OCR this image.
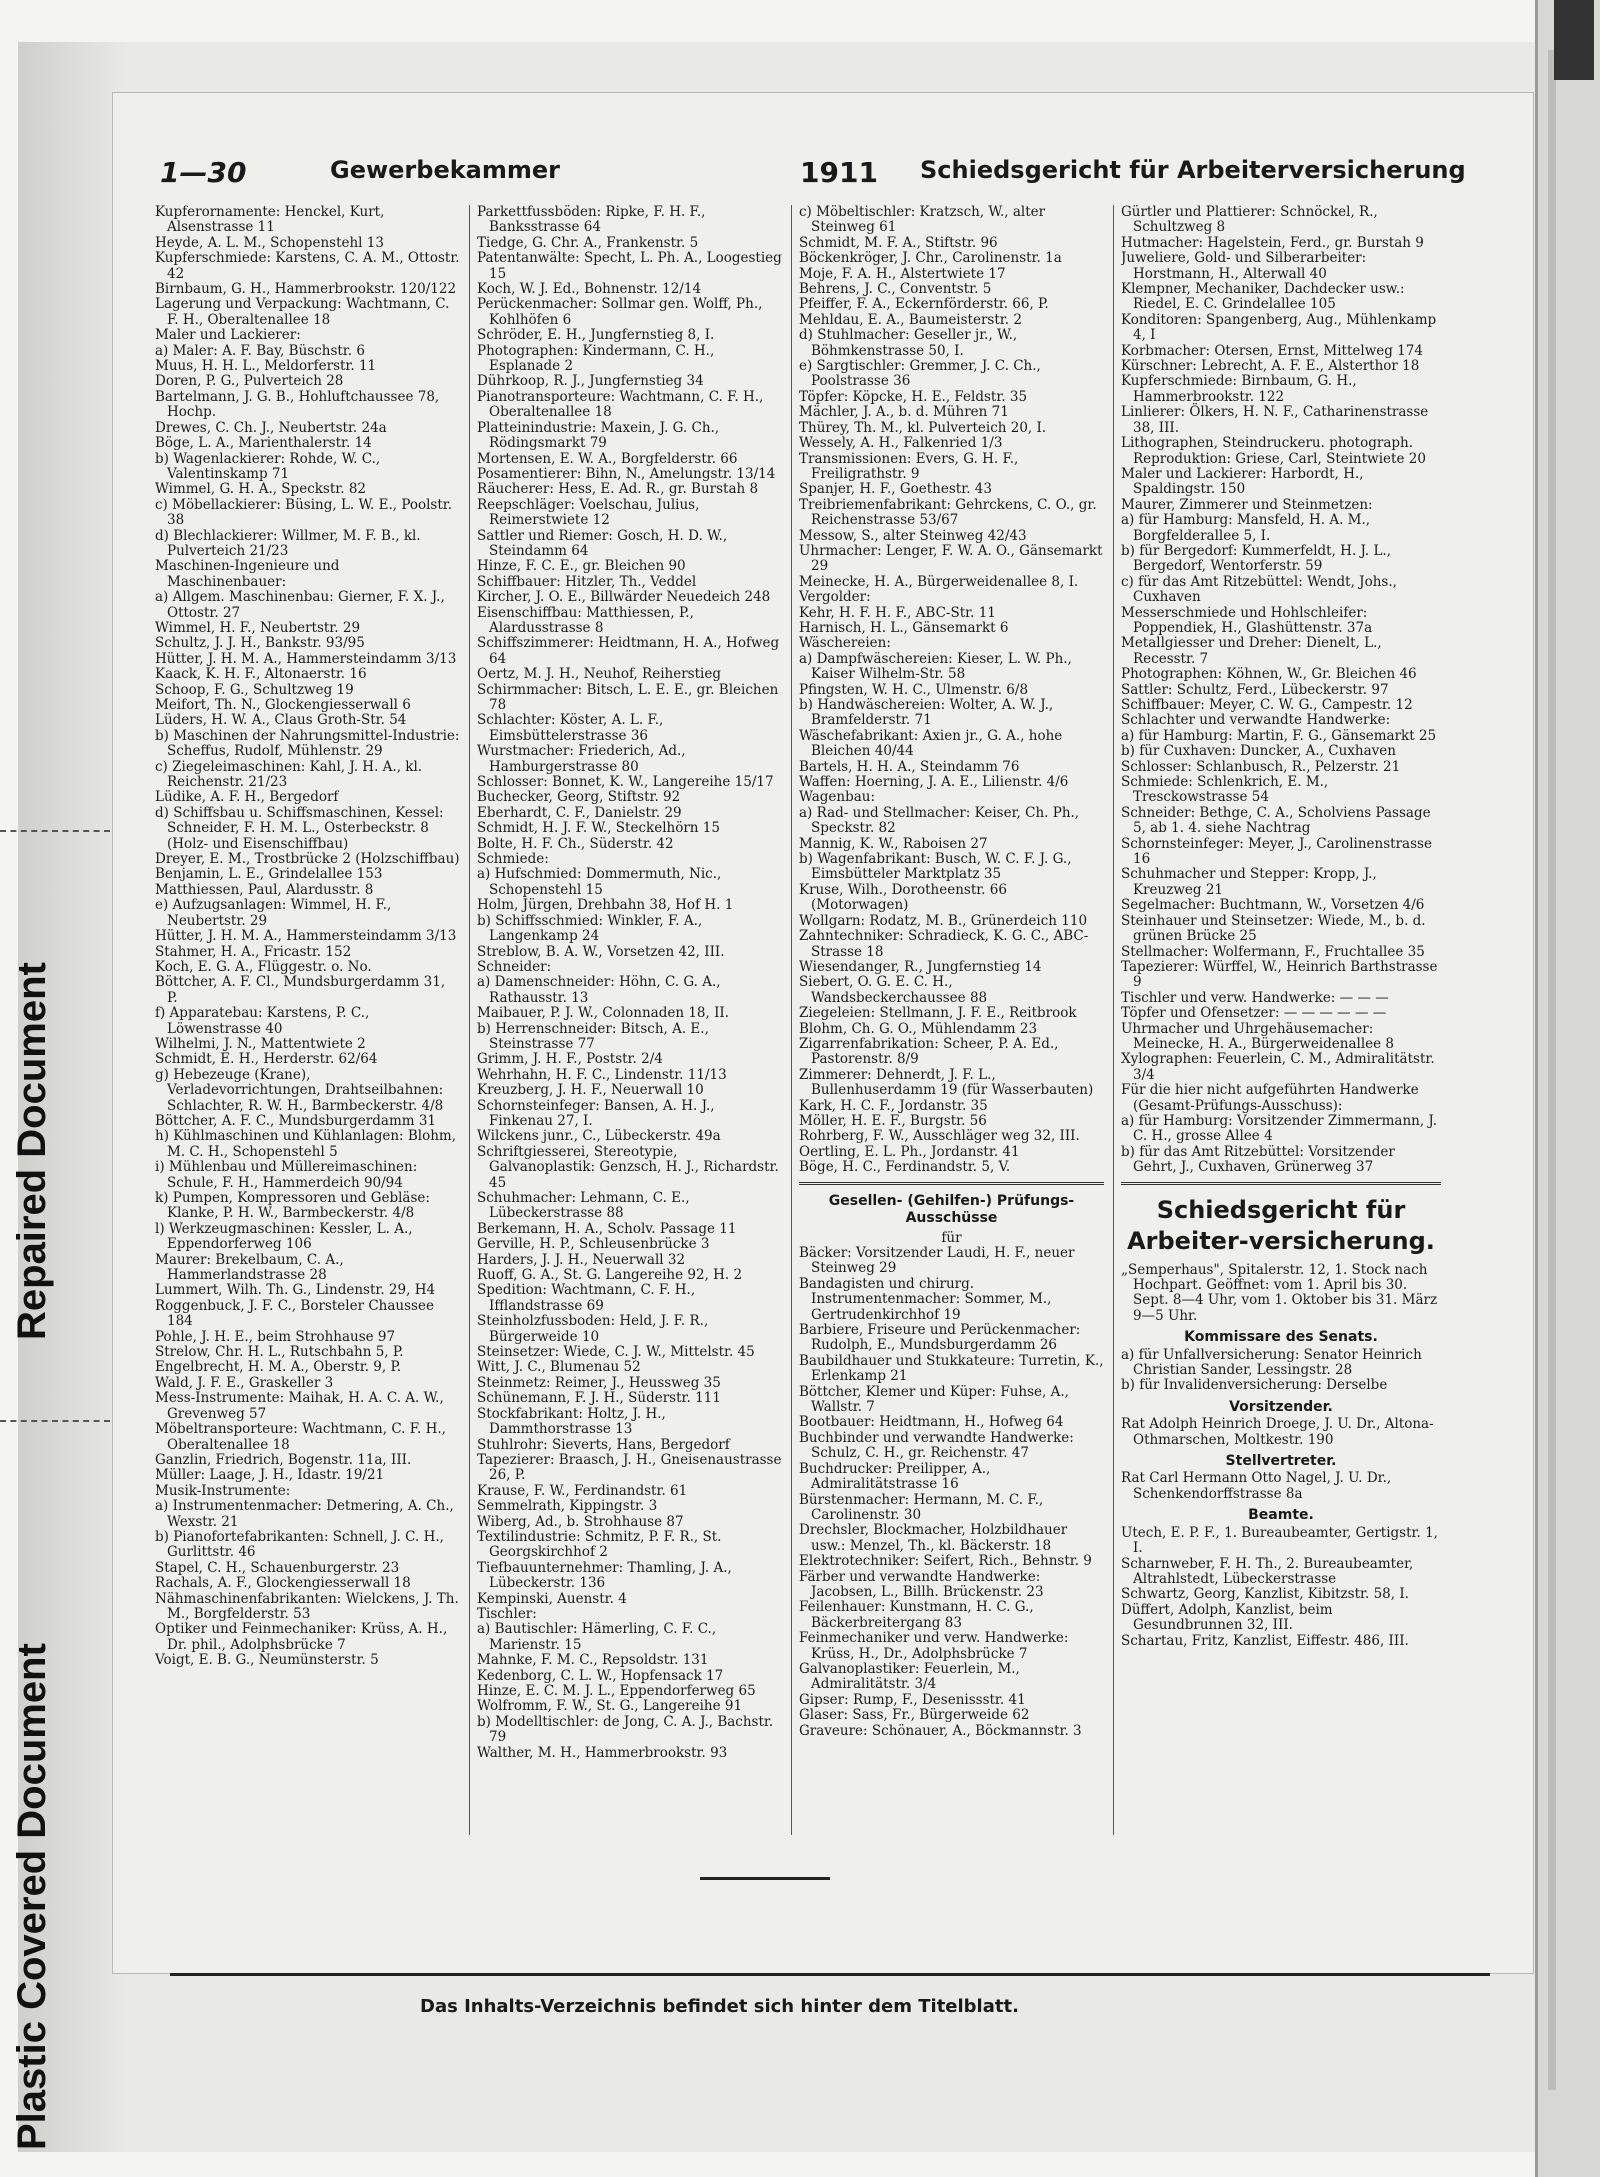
Repaired Document
Plastic Covered Document
1—30	Gewerbekammer	1911 Schiedsgericht für Arbeiterversicherung

Kupferornamente: Henckel, Kurt, Alsenstrasse 11

Heyde, A. L. M., Schopenstehl 13

Kupferschmiede: Karstens, C. A. M., Ottostr. 42

Birnbaum, G. H., Hammerbrookstr. 120/122

Lagerung und Verpackung: Wachtmann, C. F. H., Oberaltenallee 18

Maler und Lackierer:

a) Maler: A. F. Bay, Büschstr. 6

Muus, H. H. L., Meldorferstr. 11

Doren, P. G., Pulverteich 28

Bartelmann, J. G. B., Hohluftchaussee 78, Hochp.

Drewes, C. Ch. J., Neubertstr. 24a

Böge, L. A., Marienthalerstr. 14

b) Wagenlackierer: Rohde, W. C., Valentinskamp 71

Wimmel, G. H. A., Speckstr. 82

c) Möbellackierer: Büsing, L. W. E., Poolstr. 38

d) Blechlackierer: Willmer, M. F. B., kl. Pulverteich 21/23

Maschinen-Ingenieure und Maschinenbauer:

a) Allgem. Maschinenbau: Gierner, F. X. J., Ottostr. 27

Wimmel, H. F., Neubertstr. 29

Schultz, J. J. H., Bankstr. 93/95

Hütter, J. H. M. A., Hammersteindamm 3/13

Kaack, K. H. F., Altonaerstr. 16

Schoop, F. G., Schultzweg 19

Meifort, Th. N., Glockengiesserwall 6

Lüders, H. W. A., Claus Groth-Str. 54

b) Maschinen der Nahrungsmittel-Industrie: Scheffus, Rudolf, Mühlenstr. 29

c) Ziegeleimaschinen: Kahl, J. H. A., kl. Reichenstr. 21/23

Lüdike, A. F. H., Bergedorf

d) Schiffsbau u. Schiffsmaschinen, Kessel: Schneider, F. H. M. L., Osterbeckstr. 8 (Holz- und Eisenschiffbau)

Dreyer, E. M., Trostbrücke 2 (Holzschiffbau)

Benjamin, L. E., Grindelallee 153

Matthiessen, Paul, Alardusstr. 8

e) Aufzugsanlagen: Wimmel, H. F., Neubertstr. 29

Hütter, J. H. M. A., Hammersteindamm 3/13

Stahmer, H. A., Fricastr. 152

Koch, E. G. A., Flüggestr. o. No.

Böttcher, A. F. Cl., Mundsburgerdamm 31, P.

f) Apparatebau: Karstens, P. C., Löwenstrasse 40

Wilhelmi, J. N., Mattentwiete 2

Schmidt, E. H., Herderstr. 62/64

g) Hebezeuge (Krane), Verladevorrichtungen, Drahtseilbahnen: Schlachter, R. W. H., Barmbeckerstr. 4/8

Böttcher, A. F. C., Mundsburgerdamm 31

h) Kühlmaschinen und Kühlanlagen: Blohm, M. C. H., Schopenstehl 5

i) Mühlenbau und Müllereimaschinen: Schule, F. H., Hammerdeich 90/94

k) Pumpen, Kompressoren und Gebläse: Klanke, P. H. W., Barmbeckerstr. 4/8

l) Werkzeugmaschinen: Kessler, L. A., Eppendorferweg 106

Maurer: Brekelbaum, C. A., Hammerlandstrasse 28

Lummert, Wilh. Th. G., Lindenstr. 29, H4

Roggenbuck, J. F. C., Borsteler Chaussee 184

Pohle, J. H. E., beim Strohhause 97

Strelow, Chr. H. L., Rutschbahn 5, P.

Engelbrecht, H. M. A., Oberstr. 9, P.

Wald, J. F. E., Graskeller 3

Mess-Instrumente: Maihak, H. A. C. A. W., Grevenweg 57

Möbeltransporteure: Wachtmann, C. F. H., Oberaltenallee 18

Ganzlin, Friedrich, Bogenstr. 11a, III.

Müller: Laage, J. H., Idastr. 19/21

Musik-Instrumente:

a) Instrumentenmacher: Detmering, A. Ch., Wexstr. 21

b) Pianofortefabrikanten: Schnell, J. C. H., Gurlittstr. 46

Stapel, C. H., Schauenburgerstr. 23

Rachals, A. F., Glockengiesserwall 18

Nähmaschinenfabrikanten: Wielckens, J. Th. M., Borgfelderstr. 53

Optiker und Feinmechaniker: Krüss, A. H., Dr. phil., Adolphsbrücke 7

Voigt, E. B. G., Neumünsterstr. 5

Parkettfussböden: Ripke, F. H. F., Banksstrasse 64

Tiedge, G. Chr. A., Frankenstr. 5

Patentanwälte: Specht, L. Ph. A., Loogestieg 15

Koch, W. J. Ed., Bohnenstr. 12/14

Perückenmacher: Sollmar gen. Wolff, Ph., Kohlhöfen 6

Schröder, E. H., Jungfernstieg 8, I.

Photographen: Kindermann, C. H., Esplanade 2

Dührkoop, R. J., Jungfernstieg 34

Pianotransporteure: Wachtmann, C. F. H., Oberaltenallee 18

Platteinindustrie: Maxein, J. G. Ch., Rödingsmarkt 79

Mortensen, E. W. A., Borgfelderstr. 66

Posamentierer: Bihn, N., Amelungstr. 13/14

Räucherer: Hess, E. Ad. R., gr. Burstah 8

Reepschläger: Voelschau, Julius, Reimerstwiete 12

Sattler und Riemer: Gosch, H. D. W., Steindamm 64

Hinze, F. C. E., gr. Bleichen 90

Schiffbauer: Hitzler, Th., Veddel

Kircher, J. O. E., Billwärder Neuedeich 248

Eisenschiffbau: Matthiessen, P., Alardusstrasse 8

Schiffszimmerer: Heidtmann, H. A., Hofweg 64

Oertz, M. J. H., Neuhof, Reiherstieg

Schirmmacher: Bitsch, L. E. E., gr. Bleichen 78

Schlachter: Köster, A. L. F., Eimsbüttelerstrasse 36

Wurstmacher: Friederich, Ad., Hamburgerstrasse 80

Schlosser: Bonnet, K. W., Langereihe 15/17

Buchecker, Georg, Stiftstr. 92

Eberhardt, C. F., Danielstr. 29

Schmidt, H. J. F. W., Steckelhörn 15

Bolte, H. F. Ch., Süderstr. 42

Schmiede:

a) Hufschmied: Dommermuth, Nic., Schopenstehl 15

Holm, Jürgen, Drehbahn 38, Hof H. 1

b) Schiffsschmied: Winkler, F. A., Langenkamp 24

Streblow, B. A. W., Vorsetzen 42, III.

Schneider:

a) Damenschneider: Höhn, C. G. A., Rathausstr. 13

Maibauer, P. J. W., Colonnaden 18, II.

b) Herrenschneider: Bitsch, A. E., Steinstrasse 77

Grimm, J. H. F., Poststr. 2/4

Wehrhahn, H. F. C., Lindenstr. 11/13

Kreuzberg, J. H. F., Neuerwall 10

Schornsteinfeger: Bansen, A. H. J., Finkenau 27, I.

Wilckens junr., C., Lübeckerstr. 49a

Schriftgiesserei, Stereotypie, Galvanoplastik: Genzsch, H. J., Richardstr. 45

Schuhmacher: Lehmann, C. E., Lübeckerstrasse 88

Berkemann, H. A., Scholv. Passage 11

Gerville, H. P., Schleusenbrücke 3

Harders, J. J. H., Neuerwall 32

Ruoff, G. A., St. G. Langereihe 92, H. 2

Spedition: Wachtmann, C. F. H., Ifflandstrasse 69

Steinholzfussboden: Held, J. F. R., Bürgerweide 10

Steinsetzer: Wiede, C. J. W., Mittelstr. 45

Witt, J. C., Blumenau 52

Steinmetz: Reimer, J., Heussweg 35

Schünemann, F. J. H., Süderstr. 111

Stockfabrikant: Holtz, J. H., Dammthorstrasse 13

Stuhlrohr: Sieverts, Hans, Bergedorf

Tapezierer: Braasch, J. H., Gneisenaustrasse 26, P.

Krause, F. W., Ferdinandstr. 61

Semmelrath, Kippingstr. 3

Wiberg, Ad., b. Strohhause 87

Textilindustrie: Schmitz, P. F. R., St. Georgskirchhof 2

Tiefbauunternehmer: Thamling, J. A., Lübeckerstr. 136

Kempinski, Auenstr. 4

Tischler:

a) Bautischler: Hämerling, C. F. C., Marienstr. 15

Mahnke, F. M. C., Repsoldstr. 131

Kedenborg, C. L. W., Hopfensack 17

Hinze, E. C. M. J. L., Eppendorferweg 65

Wolfromm, F. W., St. G., Langereihe 91

b) Modelltischler: de Jong, C. A. J., Bachstr. 79

Walther, M. H., Hammerbrookstr. 93

c) Möbeltischler: Kratzsch, W., alter Steinweg 61

Schmidt, M. F. A., Stiftstr. 96

Böckenkröger, J. Chr., Carolinenstr. 1a

Moje, F. A. H., Alstertwiete 17

Behrens, J. C., Conventstr. 5

Pfeiffer, F. A., Eckernförderstr. 66, P.

Mehldau, E. A., Baumeisterstr. 2

d) Stuhlmacher: Geseller jr., W., Böhmkenstrasse 50, I.

e) Sargtischler: Gremmer, J. C. Ch., Poolstrasse 36

Töpfer: Köpcke, H. E., Feldstr. 35

Mächler, J. A., b. d. Mühren 71

Thürey, Th. M., kl. Pulverteich 20, I.

Wessely, A. H., Falkenried 1/3

Transmissionen: Evers, G. H. F., Freiligrathstr. 9

Spanjer, H. F., Goethestr. 43

Treibriemenfabrikant: Gehrckens, C. O., gr. Reichenstrasse 53/67

Messow, S., alter Steinweg 42/43

Uhrmacher: Lenger, F. W. A. O., Gänsemarkt 29

Meinecke, H. A., Bürgerweidenallee 8, I.

Vergolder:

Kehr, H. F. H. F., ABC-Str. 11

Harnisch, H. L., Gänsemarkt 6

Wäschereien:

a) Dampfwäschereien: Kieser, L. W. Ph., Kaiser Wilhelm-Str. 58

Pfingsten, W. H. C., Ulmenstr. 6/8

b) Handwäschereien: Wolter, A. W. J., Bramfelderstr. 71

Wäschefabrikant: Axien jr., G. A., hohe Bleichen 40/44

Bartels, H. H. A., Steindamm 76

Waffen: Hoerning, J. A. E., Lilienstr. 4/6

Wagenbau:

a) Rad- und Stellmacher: Keiser, Ch. Ph., Speckstr. 82

Mannig, K. W., Raboisen 27

b) Wagenfabrikant: Busch, W. C. F. J. G., Eimsbütteler Marktplatz 35

Kruse, Wilh., Dorotheenstr. 66 (Motorwagen)

Wollgarn: Rodatz, M. B., Grünerdeich 110

Zahntechniker: Schradieck, K. G. C., ABC-Strasse 18

Wiesendanger, R., Jungfernstieg 14

Siebert, O. G. E. C. H., Wandsbeckerchaussee 88

Ziegeleien: Stellmann, J. F. E., Reitbrook

Blohm, Ch. G. O., Mühlendamm 23

Zigarrenfabrikation: Scheer, P. A. Ed., Pastorenstr. 8/9

Zimmerer: Dehnerdt, J. F. L., Bullenhuserdamm 19 (für Wasserbauten)

Kark, H. C. F., Jordanstr. 35

Möller, H. E. F., Burgstr. 56

Rohrberg, F. W., Ausschläger weg 32, III.

Oertling, E. L. Ph., Jordanstr. 41

Böge, H. C., Ferdinandstr. 5, V.

Gesellen- (Gehilfen-) Prüfungs-Ausschüsse

für

Bäcker: Vorsitzender Laudi, H. F., neuer Steinweg 29

Bandagisten und chirurg. Instrumentenmacher: Sommer, M., Gertrudenkirchhof 19

Barbiere, Friseure und Perückenmacher: Rudolph, E., Mundsburgerdamm 26

Baubildhauer und Stukkateure: Turretin, K., Erlenkamp 21

Böttcher, Klemer und Küper: Fuhse, A., Wallstr. 7

Bootbauer: Heidtmann, H., Hofweg 64

Buchbinder und verwandte Handwerke: Schulz, C. H., gr. Reichenstr. 47

Buchdrucker: Preilipper, A., Admiralitätstrasse 16

Bürstenmacher: Hermann, M. C. F., Carolinenstr. 30

Drechsler, Blockmacher, Holzbildhauer usw.: Menzel, Th., kl. Bäckerstr. 18

Elektrotechniker: Seifert, Rich., Behnstr. 9

Färber und verwandte Handwerke: Jacobsen, L., Billh. Brückenstr. 23

Feilenhauer: Kunstmann, H. C. G., Bäckerbreitergang 83

Feinmechaniker und verw. Handwerke: Krüss, H., Dr., Adolphsbrücke 7

Galvanoplastiker: Feuerlein, M., Admiralitätstr. 3/4

Gipser: Rump, F., Desenissstr. 41

Glaser: Sass, Fr., Bürgerweide 62

Graveure: Schönauer, A., Böckmannstr. 3

Gürtler und Plattierer: Schnöckel, R., Schultzweg 8

Hutmacher: Hagelstein, Ferd., gr. Burstah 9

Juweliere, Gold- und Silberarbeiter: Horstmann, H., Alterwall 40

Klempner, Mechaniker, Dachdecker usw.: Riedel, E. C. Grindelallee 105

Konditoren: Spangenberg, Aug., Mühlenkamp 4, I

Korbmacher: Otersen, Ernst, Mittelweg 174

Kürschner: Lebrecht, A. F. E., Alsterthor 18

Kupferschmiede: Birnbaum, G. H., Hammerbrookstr. 122

Linlierer: Ölkers, H. N. F., Catharinenstrasse 38, III.

Lithographen, Steindruckeru. photograph. Reproduktion: Griese, Carl, Steintwiete 20

Maler und Lackierer: Harbordt, H., Spaldingstr. 150

Maurer, Zimmerer und Steinmetzen:

a) für Hamburg: Mansfeld, H. A. M., Borgfelderallee 5, I.

b) für Bergedorf: Kummerfeldt, H. J. L., Bergedorf, Wentorferstr. 59

c) für das Amt Ritzebüttel: Wendt, Johs., Cuxhaven

Messerschmiede und Hohlschleifer: Poppendiek, H., Glashüttenstr. 37a

Metallgiesser und Dreher: Dienelt, L., Recesstr. 7

Photographen: Köhnen, W., Gr. Bleichen 46

Sattler: Schultz, Ferd., Lübeckerstr. 97

Schiffbauer: Meyer, C. W. G., Campestr. 12

Schlachter und verwandte Handwerke:

a) für Hamburg: Martin, F. G., Gänsemarkt 25

b) für Cuxhaven: Duncker, A., Cuxhaven

Schlosser: Schlanbusch, R., Pelzerstr. 21

Schmiede: Schlenkrich, E. M., Tresckowstrasse 54

Schneider: Bethge, C. A., Scholviens Passage 5, ab 1. 4. siehe Nachtrag

Schornsteinfeger: Meyer, J., Carolinenstrasse 16

Schuhmacher und Stepper: Kropp, J., Kreuzweg 21

Segelmacher: Buchtmann, W., Vorsetzen 4/6

Steinhauer und Steinsetzer: Wiede, M., b. d. grünen Brücke 25

Stellmacher: Wolfermann, F., Fruchtallee 35

Tapezierer: Würffel, W., Heinrich Barthstrasse 9

Tischler und verw. Handwerke: — — —

Töpfer und Ofensetzer: — — — — — —

Uhrmacher und Uhrgehäusemacher: Meinecke, H. A., Bürgerweidenallee 8

Xylographen: Feuerlein, C. M., Admiralitätstr. 3/4

Für die hier nicht aufgeführten Handwerke (Gesamt-Prüfungs-Ausschuss):

a) für Hamburg: Vorsitzender Zimmermann, J. C. H., grosse Allee 4

b) für das Amt Ritzebüttel: Vorsitzender Gehrt, J., Cuxhaven, Grünerweg 37

Schiedsgericht für Arbeiter-versicherung.

„Semperhaus", Spitalerstr. 12, 1. Stock nach Hochpart. Geöffnet: vom 1. April bis 30. Sept. 8—4 Uhr, vom 1. Oktober bis 31. März 9—5 Uhr.

Kommissare des Senats.

a) für Unfallversicherung: Senator Heinrich Christian Sander, Lessingstr. 28

b) für Invalidenversicherung: Derselbe

Vorsitzender.

Rat Adolph Heinrich Droege, J. U. Dr., Altona-Othmarschen, Moltkestr. 190

Stellvertreter.

Rat Carl Hermann Otto Nagel, J. U. Dr., Schenkendorffstrasse 8a

Beamte.

Utech, E. P. F., 1. Bureaubeamter, Gertigstr. 1, I.

Scharnweber, F. H. Th., 2. Bureaubeamter, Altrahlstedt, Lübeckerstrasse

Schwartz, Georg, Kanzlist, Kibitzstr. 58, I.

Düffert, Adolph, Kanzlist, beim Gesundbrunnen 32, III.

Schartau, Fritz, Kanzlist, Eiffestr. 486, III.

Das Inhalts-Verzeichnis befindet sich hinter dem Titelblatt.
